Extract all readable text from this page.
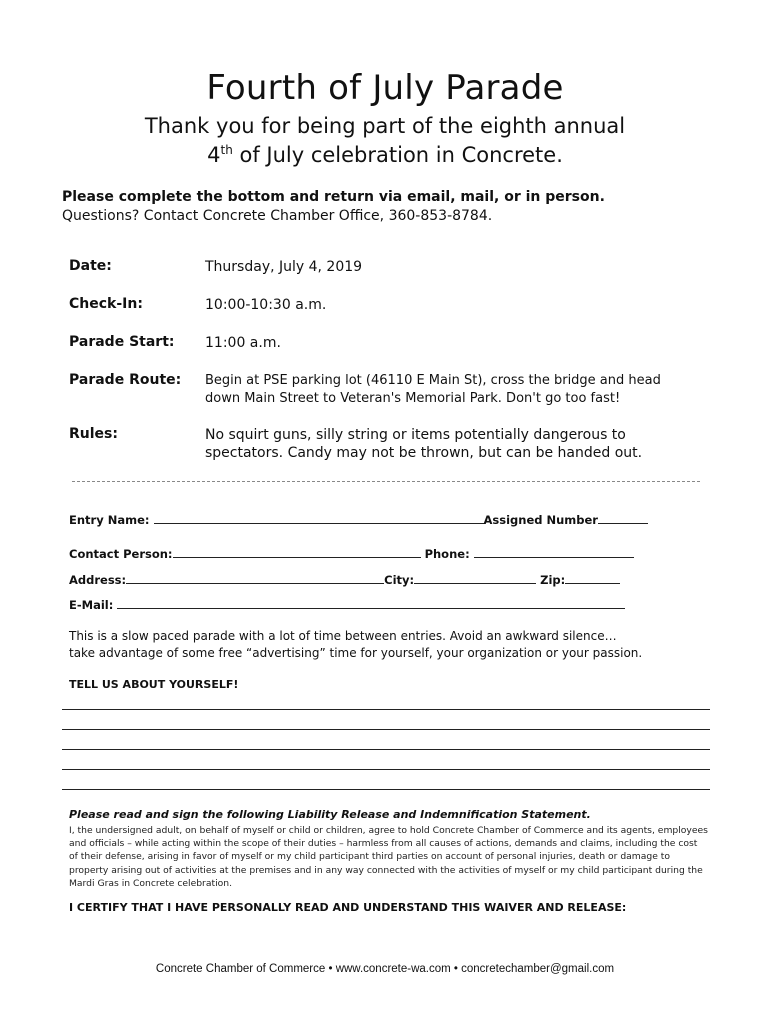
Fourth of July Parade
Thank you for being part of the eighth annual
4th of July celebration in Concrete.
Please complete the bottom and return via email, mail, or in person.
Questions? Contact Concrete Chamber Office, 360-853-8784.
Date:	Thursday, July 4, 2019
Check-In:	10:00-10:30 a.m.
Parade Start: 11:00 a.m.
Parade Route: Begin at PSE parking lot (46110 E Main St), cross the bridge and head down Main Street to Veteran's Memorial Park. Don't go too fast!
Rules:	No squirt guns, silly string or items potentially dangerous to spectators. Candy may not be thrown, but can be handed out.
Entry Name:	Assigned Number
Contact Person:	Phone:
Address:	City:	Zip:
E-Mail:
This is a slow paced parade with a lot of time between entries. Avoid an awkward silence…
take advantage of some free “advertising” time for yourself, your organization or your passion.
TELL US ABOUT YOURSELF!
Please read and sign the following Liability Release and Indemnification Statement.
I, the undersigned adult, on behalf of myself or child or children, agree to hold Concrete Chamber of Commerce and its agents, employees and officials – while acting within the scope of their duties – harmless from all causes of actions, demands and claims, including the cost of their defense, arising in favor of myself or my child participant third parties on account of personal injuries, death or damage to property arising out of activities at the premises and in any way connected with the activities of myself or my child participant during the Mardi Gras in Concrete celebration.
I CERTIFY THAT I HAVE PERSONALLY READ AND UNDERSTAND THIS WAIVER AND RELEASE:
Concrete Chamber of Commerce • www.concrete-wa.com • concretechamber@gmail.com
